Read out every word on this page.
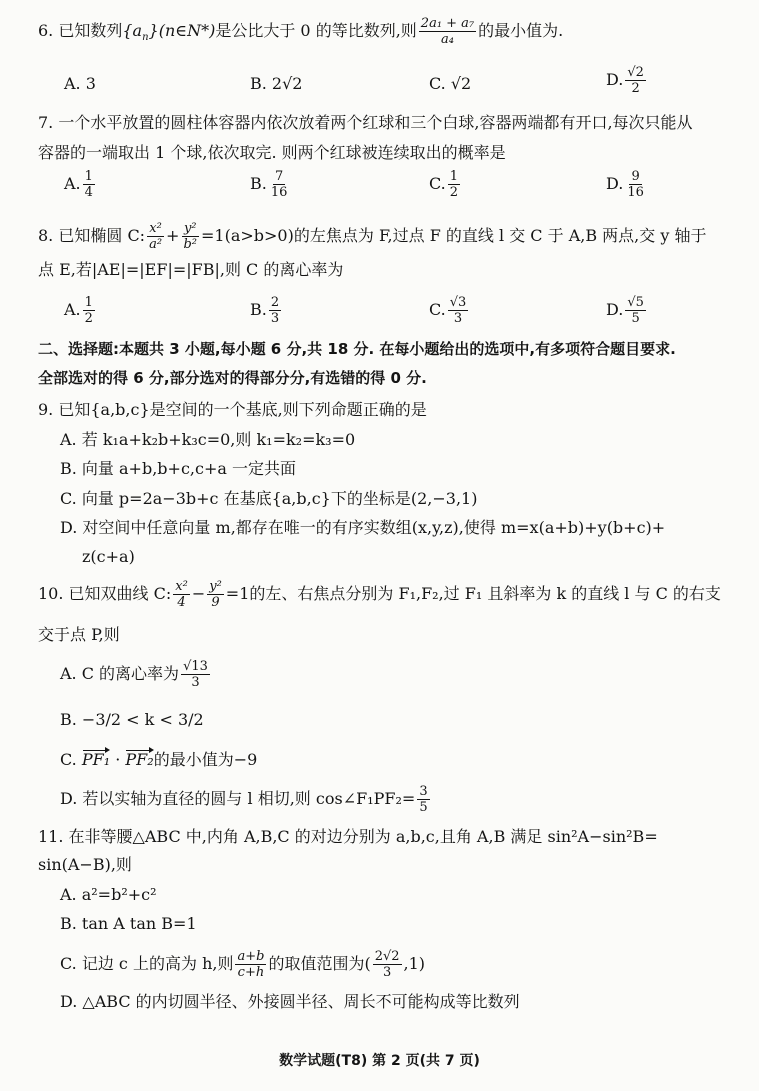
6. 已知数列$\{a_n\}(n\in N*)$是公比大于 0 的等比数列,则 $\frac{\text{2a₁ + a₇}}{\text{a₄}}$ 的最小值为.
A. 3	B. 2√2	C. √2	D. $\frac{√2}{2}$
7. 一个水平放置的圆柱体容器内依次放着两个红球和三个白球,容器两端都有开口,每次只能从
容器的一端取出 1 个球,依次取完. 则两个红球被连续取出的概率是
A. $\frac{1}{4}$	B. $\frac{7}{16}$	C. $\frac{1}{2}$	D. $\frac{9}{16}$
8. 已知椭圆 C: $\frac{\text{x²}}{\text{a²}} + \frac{\text{y²}}{\text{b²}} =1(a>b>0)$的左焦点为 F,过点 F 的直线 l 交 C 于 A,B 两点,交 y 轴于
点 E,若|AE|=|EF|=|FB|,则 C 的离心率为
A. $\frac{1}{2}$	B. $\frac{2}{3}$	C. $\frac{√3}{3}$	D. $\frac{√5}{5}$
二、选择题:本题共 3 小题,每小题 6 分,共 18 分. 在每小题给出的选项中,有多项符合题目要求.
全部选对的得 6 分,部分选对的得部分分,有选错的得 0 分.
9. 已知{a,b,c}是空间的一个基底,则下列命题正确的是
A. 若 k₁a+k₂b+k₃c=0,则 k₁=k₂=k₃=0
B. 向量 a+b,b+c,c+a 一定共面
C. 向量 p=2a−3b+c 在基底{a,b,c}下的坐标是(2,−3,1)
D. 对空间中任意向量 m,都存在唯一的有序实数组(x,y,z),使得 m=x(a+b)+y(b+c)+
z(c+a)
10. 已知双曲线 C: $\frac{\text{x²}}{4} - \frac{\text{y²}}{9} =1$的左、右焦点分别为 F₁,F₂,过 F₁ 且斜率为 k 的直线 l 与 C 的右支
交于点 P,则
A. C 的离心率为 $\frac{√13}{3}$
B. −3/2 < k < 3/2
C. PF₁ · PF₂的最小值为−9
D. 若以实轴为直径的圆与 l 相切,则 cos∠F₁PF₂= $\frac{3}{5}$
11. 在非等腰△ABC 中,内角 A,B,C 的对边分别为 a,b,c,且角 A,B 满足 sin²A−sin²B=
sin(A−B),则
A. a²=b²+c²
B. tan A tan B=1
C. 记边 c 上的高为 h,则 $\frac{a+b}{c+h}$ 的取值范围为( $\frac{2√2}{3} ,1$)
D. △ABC 的内切圆半径、外接圆半径、周长不可能构成等比数列
数学试题(T8) 第 2 页(共 7 页)
